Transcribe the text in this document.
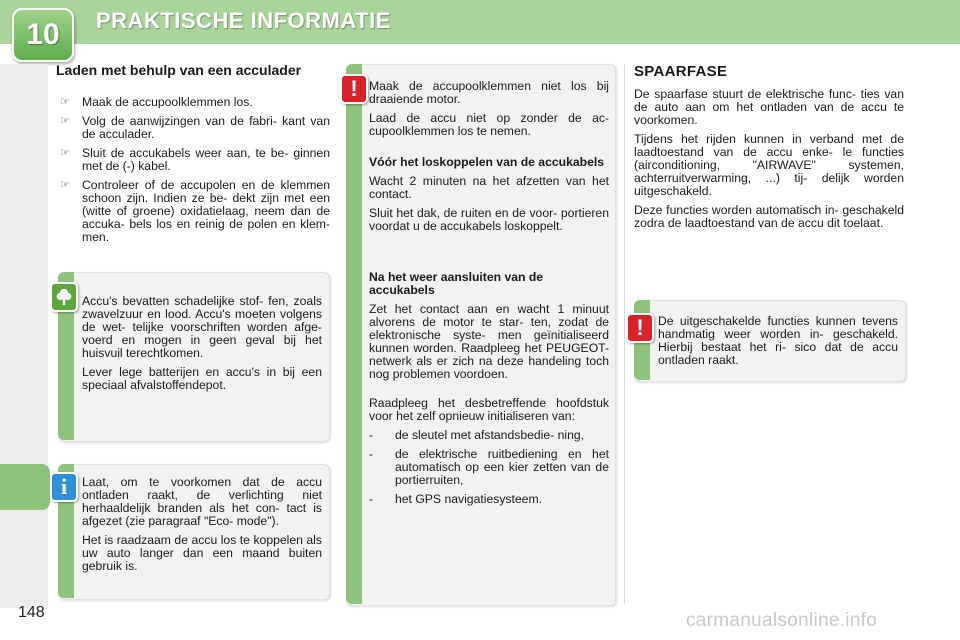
10	PRAKTISCHE INFORMATIE
148
Laden met behulp van een acculader
☞ Maak de accupoolklemmen los.
☞ Volg de aanwijzingen van de fabri- kant van de acculader.
☞ Sluit de accukabels weer aan, te be- ginnen met de (-) kabel.
☞ Controleer of de accupolen en de klemmen schoon zijn. Indien ze be- dekt zijn met een (witte of groene) oxidatielaag, neem dan de accuka- bels los en reinig de polen en klem- men.

Accu's bevatten schadelijke stof- fen, zoals zwavelzuur en lood. Accu's moeten volgens de wet- telijke voorschriften worden afge- voerd en mogen in geen geval bij het huisvuil terechtkomen.

Lever lege batterijen en accu's in bij een speciaal afvalstoffendepot.

i	Laat, om te voorkomen dat de accu ontladen raakt, de verlichting niet herhaaldelijk branden als het con- tact is afgezet (zie paragraaf "Eco- mode").

Het is raadzaam de accu los te koppelen als uw auto langer dan een maand buiten gebruik is.

! Maak de accupoolklemmen niet los bij draaiende motor.

Laad de accu niet op zonder de ac- cupoolklemmen los te nemen.

Vóór het loskoppelen van de accukabels

Wacht 2 minuten na het afzetten van het contact.

Sluit het dak, de ruiten en de voor- portieren voordat u de accukabels loskoppelt.

Na het weer aansluiten van de accukabels

Zet het contact aan en wacht 1 minuut alvorens de motor te star- ten, zodat de elektronische syste- men geïnitialiseerd kunnen worden. Raadpleeg het PEUGEOT-netwerk als er zich na deze handeling toch nog problemen voordoen.

Raadpleeg het desbetreffende hoofdstuk voor het zelf opnieuw initialiseren van:

- de sleutel met afstandsbedie- ning,
- de elektrische ruitbediening en het automatisch op een kier zetten van de portierruiten,
- het GPS navigatiesysteem.
SPAARFASE

De spaarfase stuurt de elektrische func- ties van de auto aan om het ontladen van de accu te voorkomen.

Tijdens het rijden kunnen in verband met de laadtoestand van de accu enke- le functies (airconditioning, "AIRWAVE" systemen, achterruitverwarming, ...) tij- delijk worden uitgeschakeld.

Deze functies worden automatisch in- geschakeld zodra de laadtoestand van de accu dit toelaat.

!	De uitgeschakelde functies kunnen tevens handmatig weer worden in- geschakeld. Hierbij bestaat het ri- sico dat de accu ontladen raakt.

carmanualsonline.info
